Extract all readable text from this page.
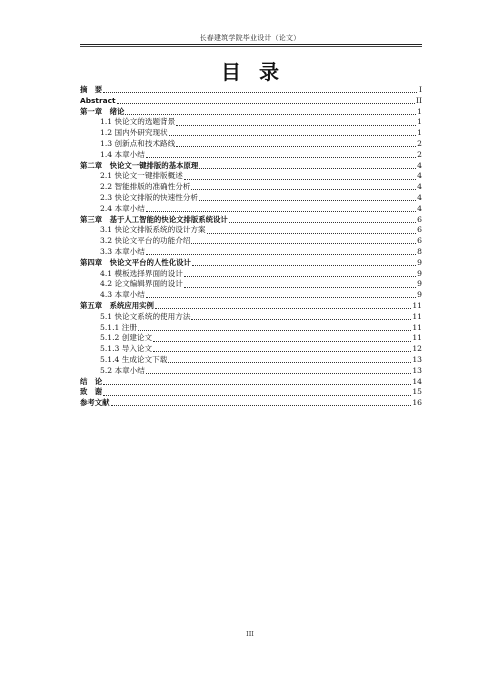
长春建筑学院毕业设计（论文）
目录
摘　要	I
Abstract	II
第一章　绪论	1
1.1 快论文的选题背景	1
1.2 国内外研究现状	1
1.3 创新点和技术路线	2
1.4 本章小结	2
第二章　快论文一键排版的基本原理	4
2.1 快论文一键排版概述	4
2.2 智能排版的准确性分析	4
2.3 快论文排版的快速性分析	4
2.4 本章小结	4
第三章　基于人工智能的快论文排版系统设计	6
3.1 快论文排版系统的设计方案	6
3.2 快论文平台的功能介绍	6
3.3 本章小结	8
第四章　快论文平台的人性化设计	9
4.1 模板选择界面的设计	9
4.2 论文编辑界面的设计	9
4.3 本章小结	9
第五章　系统应用实例	11
5.1 快论文系统的使用方法	11
5.1.1 注册	11
5.1.2 创建论文	11
5.1.3 导入论文	12
5.1.4 生成论文下载	13
5.2 本章小结	13
结　论	14
致　谢	15
参考文献	16
III
